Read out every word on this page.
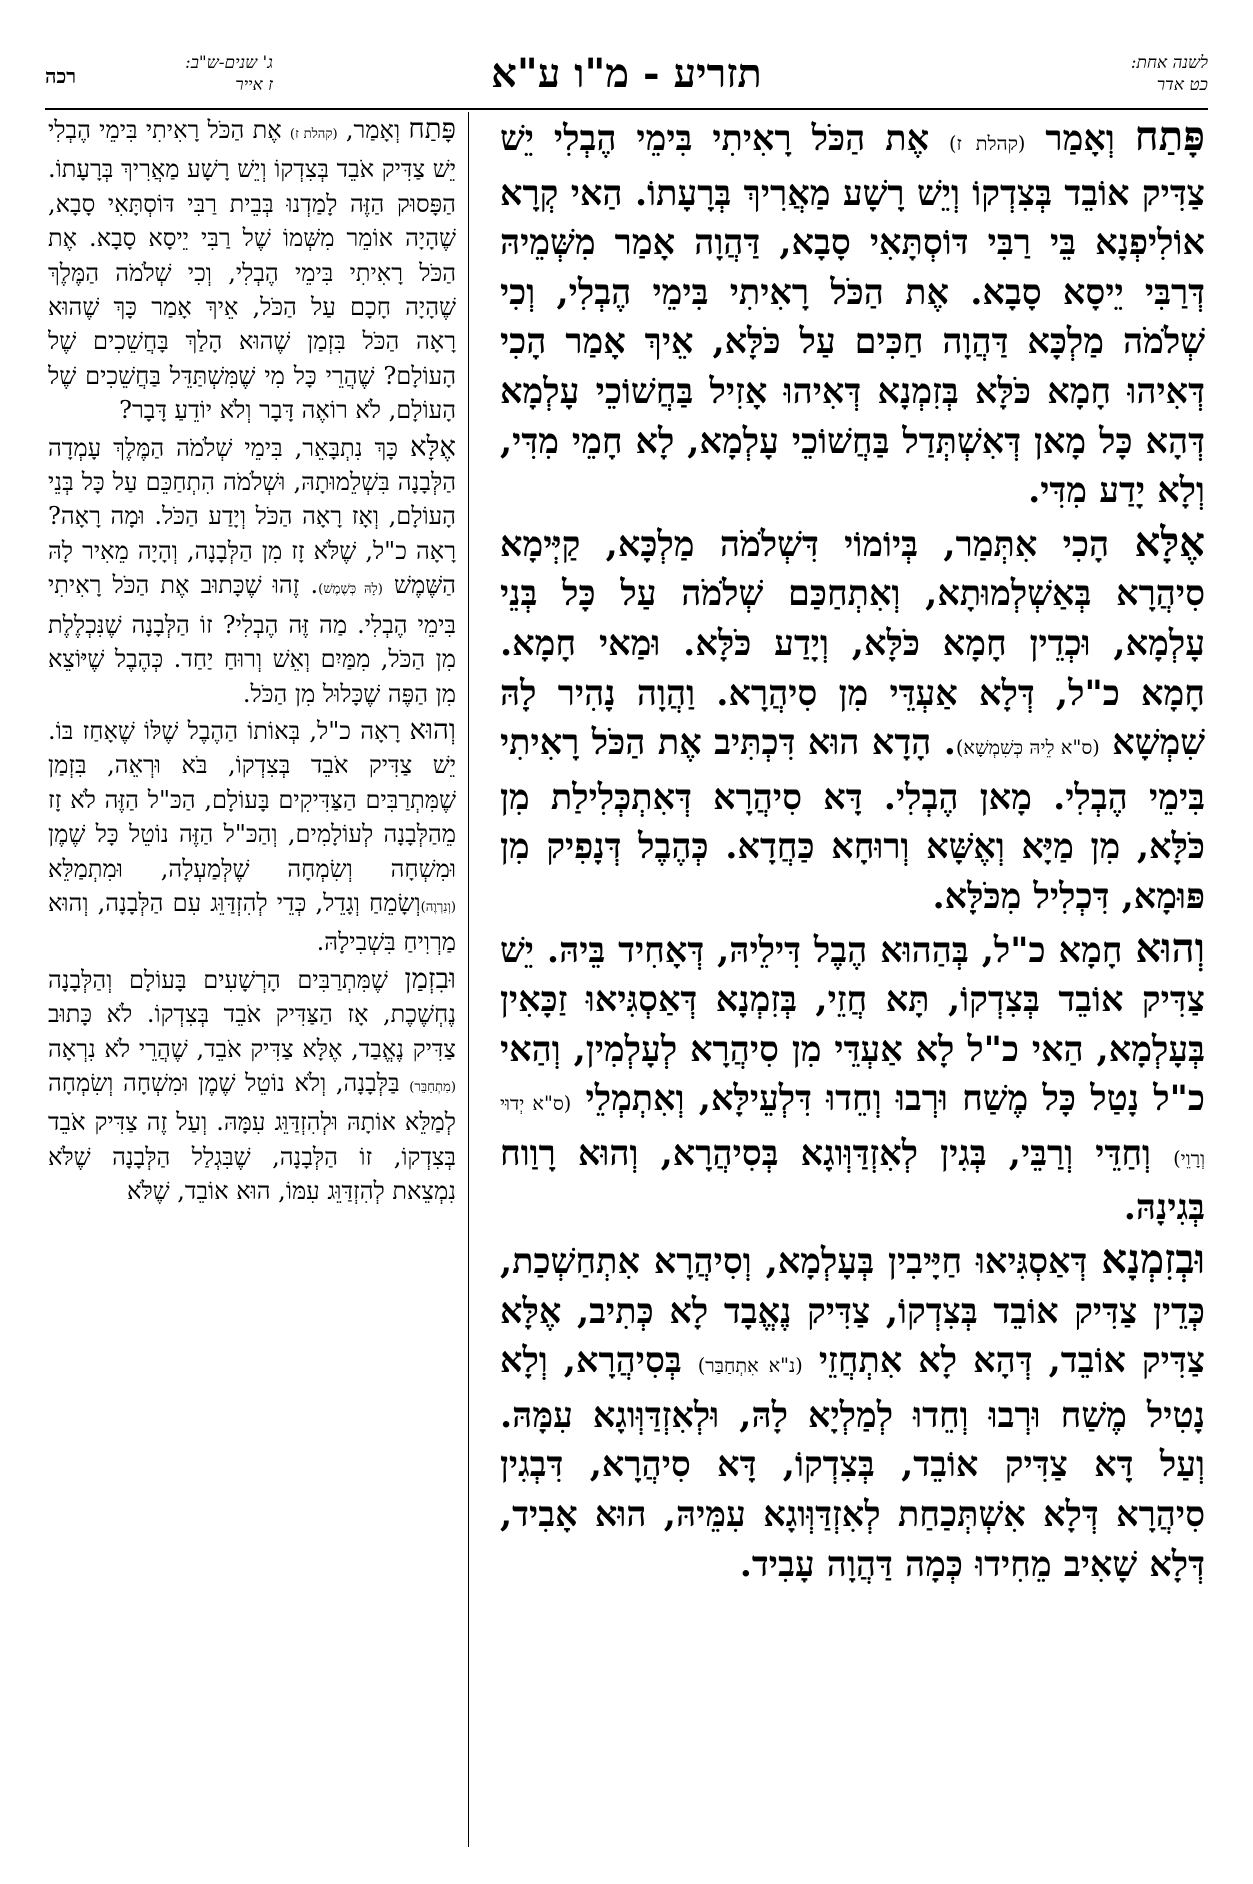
רכה
ג' שנים-ש"ב:
ז אייר	תזריע - מ"ו ע"א	לשנה אחת:
כט אדר

פָּתַח וְאָמַר (קהלת ז) אֶת הַכֹּל רָאִיתִי בִּימֵי הֶבְלִי יֵשׁ צַדִּיק אוֹבֵד בְּצִדְקוֹ וְיֵשׁ רָשָׁע מַאֲרִיךְ בְּרָעָתוֹ. הַאי קְרָא אוֹלִיפְנָא בֵּי רַבִּי דּוֹסְתָּאִי סָבָא, דַּהֲוָה אָמַר מִשְּׁמֵיהּ דְּרַבִּי יֵיסָא סָבָא. אֶת הַכֹּל רָאִיתִי בִּימֵי הֶבְלִי, וְכִי שְׁלֹמֹה מַלְכָּא דַּהֲוָה חַכִּים עַל כֹּלָּא, אֵיךְ אָמַר הָכִי דְּאִיהוּ חָמָא כֹּלָּא בְּזִמְנָא דְּאִיהוּ אָזִיל בַּחֲשׁוֹכֵי עָלְמָא דְּהָא כָּל מָאן דְּאִשְׁתְּדַל בַּחֲשׁוֹכֵי עָלְמָא, לָא חָמֵי מִדִּי, וְלָא יָדַע מִדִּי.

אֶלָּא הָכִי אִתְּמַר, בְּיוֹמוֹי דִּשְׁלֹמֹה מַלְכָּא, קַיְּימָא סִיהֲרָא בְּאַשְׁלְמוּתָא, וְאִתְחַכַּם שְׁלֹמֹה עַל כָּל בְּנֵי עָלְמָא, וּכְדֵין חָמָא כֹּלָּא, וְיָדַע כֹּלָּא. וּמַאי חָמָא. חָמָא כ"ל, דְּלָא אַעְדֵּי מִן סִיהֲרָא. וַהֲוָה נָהִיר לָהּ שִׁמְשָׁא (ס"א לֵיהּ כְּשִׁמְשָׁא). הָדָא הוּא דִּכְתִּיב אֶת הַכֹּל רָאִיתִי בִּימֵי הֶבְלִי. מָאן הֶבְלִי. דָּא סִיהֲרָא דְּאִתְכְּלִילַת מִן כֹּלָּא, מִן מַיָּא וְאֶשָּׁא וְרוּחָא כַּחֲדָא. כְּהֶבֶל דְּנָפִיק מִן פּוּמָא, דִּכְלִיל מִכֹּלָּא.

וְהוּא חָמָא כ"ל, בְּהַהוּא הֶבֶל דִּילֵיהּ, דְּאָחִיד בֵּיהּ. יֵשׁ צַדִּיק אוֹבֵד בְּצִדְקוֹ, תָּא חֲזֵי, בְּזִמְנָא דְּאַסְגִּיאוּ זַכָּאִין בְּעָלְמָא, הַאי כ"ל לָא אַעְדֵּי מִן סִיהֲרָא לְעָלְמִין, וְהַאי כ"ל נָטַל כָּל מֶשַׁח וּרְבוּ וְחֵדוּ דִּלְעֵילָּא, וְאִתְמְלֵי (ס"א יְדוּי וְרָוֵי) וְחַדֵּי וְרַבֵּי, בְּגִין לְאִזְדַּוְּוגָא בְּסִיהֲרָא, וְהוּא רָוַוח בְּגִינָהּ.

וּבְזִמְנָא דְּאַסְגִּיאוּ חַיָּיבִין בְּעָלְמָא, וְסִיהֲרָא אִתְחַשְׁכַת, כְּדֵין צַדִּיק אוֹבֵד בְּצִדְקוֹ, צַדִּיק נֶאֱבָד לָא כְּתִיב, אֶלָּא צַדִּיק אוֹבֵד, דְּהָא לָא אִתְחֲזֵי (נ"א אִתְחַבַּר) בְּסִיהֲרָא, וְלָא נָטִיל מֶשַׁח וּרְבוּ וְחֵדוּ לְמַלְיָא לָהּ, וּלְאִזְדַּוְּוגָא עִמָּהּ. וְעַל דָּא צַדִּיק אוֹבֵד, בְּצִדְקוֹ, דָּא סִיהֲרָא, דִּבְגִין סִיהֲרָא דְּלָא אִשְׁתְּכַחַת לְאִזְדַּוְּוגָא עִמֵּיהּ, הוּא אָבִיד, דְּלָא שָׁאִיב מֵחִידוּ כְּמָה דַּהֲוָה עָבִיד.

פָּתַח וְאָמַר, (קהלת ז) אֶת הַכֹּל רָאִיתִי בִּימֵי הֶבְלִי יֵשׁ צַדִּיק אֹבֵד בְּצִדְקוֹ וְיֵשׁ רָשָׁע מַאֲרִיךְ בְּרָעָתוֹ. הַפָּסוּק הַזֶּה לָמַדְנוּ בְּבֵית רַבִּי דּוֹסְתָּאִי סָבָא, שֶׁהָיָה אוֹמֵר מִשְּׁמוֹ שֶׁל רַבִּי יֵיסָא סָבָא. אֶת הַכֹּל רָאִיתִי בִּימֵי הֶבְלִי, וְכִי שְׁלֹמֹה הַמֶּלֶךְ שֶׁהָיָה חָכָם עַל הַכֹּל, אֵיךְ אָמַר כָּךְ שֶׁהוּא רָאָה הַכֹּל בִּזְמַן שֶׁהוּא הָלַךְ בָּחֲשֵׁכִים שֶׁל הָעוֹלָם? שֶׁהֲרֵי כָּל מִי שֶׁמִּשְׁתַּדֵּל בַּחֲשֵׁכִים שֶׁל הָעוֹלָם, לֹא רוֹאֶה דָּבָר וְלֹא יוֹדֵעַ דָּבָר?

אֶלָּא כָּךְ נִתְבָּאֵר, בִּימֵי שְׁלֹמֹה הַמֶּלֶךְ עָמְדָה הַלְּבָנָה בִּשְׁלֵמוּתָהּ, וּשְׁלֹמֹה הִתְחַכֵּם עַל כָּל בְּנֵי הָעוֹלָם, וְאָז רָאָה הַכֹּל וְיָדַע הַכֹּל. וּמָה רָאָה? רָאָה כ"ל, שֶׁלֹּא זָז מִן הַלְּבָנָה, וְהָיָה מֵאִיר לָהּ הַשֶּׁמֶשׁ (לָהּ כְּשֶׁמֶשׁ). זֶהוּ שֶׁכָּתוּב אֶת הַכֹּל רָאִיתִי בִּימֵי הֶבְלִי. מַה זֶּה הֶבְלִי? זוֹ הַלְּבָנָה שֶׁנִּכְלֶלֶת מִן הַכֹּל, מִמַּיִם וְאֵשׁ וְרוּחַ יַחַד. כְּהֶבֶל שֶׁיּוֹצֵא מִן הַפֶּה שֶׁכָּלוּל מִן הַכֹּל.

וְהוּא רָאָה כ"ל, בְּאוֹתוֹ הַהֶבֶל שֶׁלּוֹ שֶׁאָחַז בּוֹ. יֵשׁ צַדִּיק אֹבֵד בְּצִדְקוֹ, בֹּא וּרְאֵה, בִּזְמַן שֶׁמִּתְרַבִּים הַצַּדִּיקִים בָּעוֹלָם, הַכּ"ל הַזֶּה לֹא זָז מֵהַלְּבָנָה לְעוֹלָמִים, וְהַכּ"ל הַזֶּה נוֹטֵל כָּל שֶׁמֶן וּמִשְׁחָה וְשִׂמְחָה שֶׁלְּמַעְלָה, וּמִתְמַלֵּא (וְנִרְוֶה)וְשָׂמֵחַ וְגָדֵל, כְּדֵי לְהִזְדַּוֵּג עִם הַלְּבָנָה, וְהוּא מַרְוִיחַ בִּשְׁבִילָהּ.

וּבִזְמַן שֶׁמִּתְרַבִּים הָרְשָׁעִים בָּעוֹלָם וְהַלְּבָנָה נֶחְשֶׁכֶת, אָז הַצַּדִּיק אֹבֵד בְּצִדְקוֹ. לֹא כָּתוּב צַדִּיק נֶאֱבַד, אֶלָּא צַדִּיק אֹבֵד, שֶׁהֲרֵי לֹא נִרְאָה (מִתְחַבֵּר) בַּלְּבָנָה, וְלֹא נוֹטֵל שֶׁמֶן וּמִשְׁחָה וְשִׂמְחָה לְמַלֵּא אוֹתָהּ וּלְהִזְדַּוֵּג עִמָּהּ. וְעַל זֶה צַדִּיק אֹבֵד בְּצִדְקוֹ, זוֹ הַלְּבָנָה, שֶׁבִּגְלַל הַלְּבָנָה שֶׁלֹּא נִמְצֵאת לְהִזְדַּוֵּג עִמּוֹ, הוּא אוֹבֵד, שֶׁלֹּא
